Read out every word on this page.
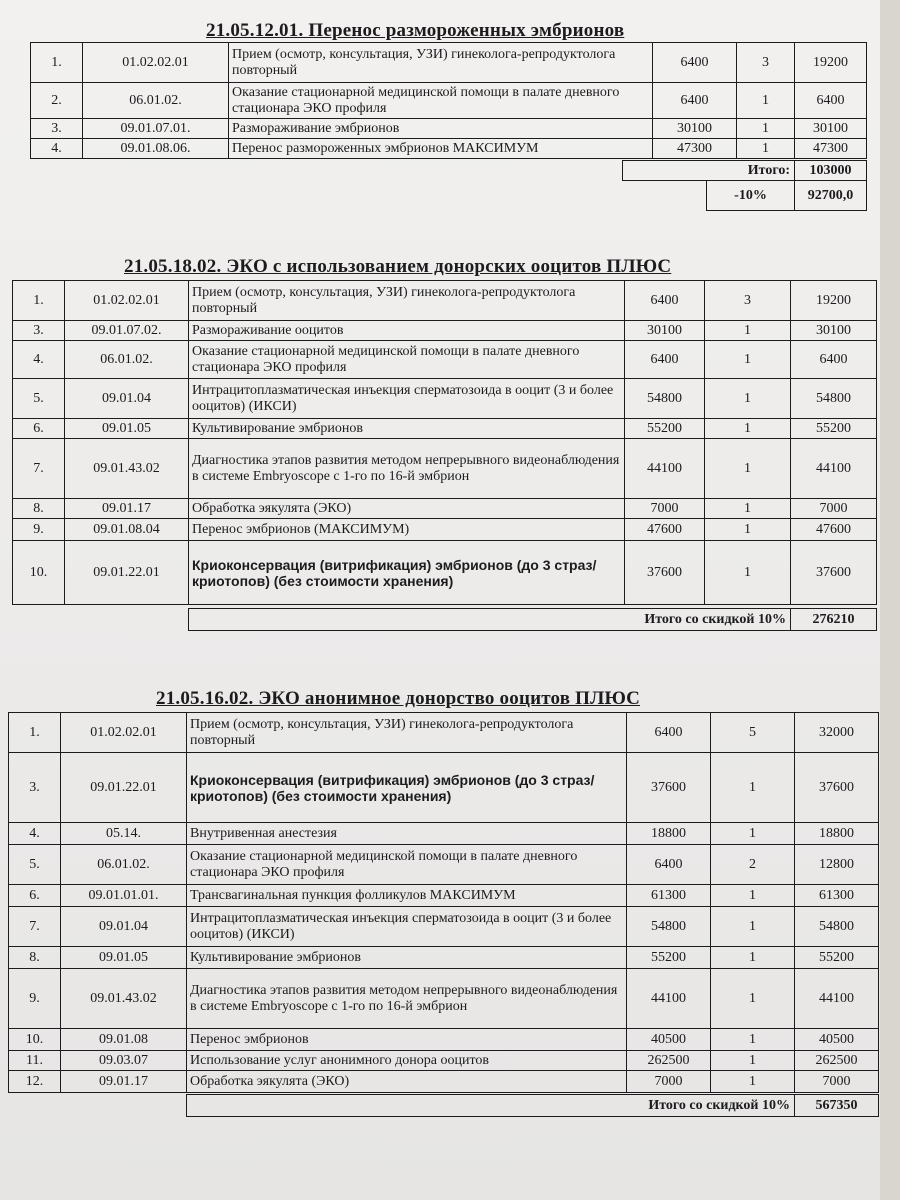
21.05.12.01. Перенос размороженных эмбрионов
1.	01.02.02.01	Прием (осмотр, консультация, УЗИ) гинеколога-репродуктолога повторный	6400	3	19200
2.	06.01.02.	Оказание стационарной медицинской помощи в палате дневного стационара ЭКО профиля	6400	1	6400
3.	09.01.07.01.	Размораживание эмбрионов	30100	1	30100
4.	09.01.08.06.	Перенос размороженных эмбрионов МАКСИМУМ	47300	1	47300
Итого:		103000
	-10%	92700,0
21.05.18.02. ЭКО с использованием донорских ооцитов ПЛЮС
1.	01.02.02.01	Прием (осмотр, консультация, УЗИ) гинеколога-репродуктолога повторный	6400	3	19200
3.	09.01.07.02.	Размораживание ооцитов	30100	1	30100
4.	06.01.02.	Оказание стационарной медицинской помощи в палате дневного стационара ЭКО профиля	6400	1	6400
5.	09.01.04	Интрацитоплазматическая инъекция сперматозоида в ооцит (3 и более ооцитов) (ИКСИ)	54800	1	54800
6.	09.01.05	Культивирование эмбрионов	55200	1	55200
7.	09.01.43.02	Диагностика этапов развития методом непрерывного видеонаблюдения в системе Embryoscope с 1-го по 16-й эмбрион	44100	1	44100
8.	09.01.17	Обработка эякулята (ЭКО)	7000	1	7000
9.	09.01.08.04	Перенос эмбрионов (МАКСИМУМ)	47600	1	47600
10.	09.01.22.01	Криоконсервация (витрификация) эмбрионов (до 3 страз/криотопов) (без стоимости хранения)	37600	1	37600
Итого со скидкой 10%	276210
21.05.16.02. ЭКО анонимное донорство ооцитов ПЛЮС
1.	01.02.02.01	Прием (осмотр, консультация, УЗИ) гинеколога-репродуктолога повторный	6400	5	32000
3.	09.01.22.01	Криоконсервация (витрификация) эмбрионов (до 3 страз/криотопов) (без стоимости хранения)	37600	1	37600
4.	05.14.	Внутривенная анестезия	18800	1	18800
5.	06.01.02.	Оказание стационарной медицинской помощи в палате дневного стационара ЭКО профиля	6400	2	12800
6.	09.01.01.01.	Трансвагинальная пункция фолликулов МАКСИМУМ	61300	1	61300
7.	09.01.04	Интрацитоплазматическая инъекция сперматозоида в ооцит (3 и более ооцитов) (ИКСИ)	54800	1	54800
8.	09.01.05	Культивирование эмбрионов	55200	1	55200
9.	09.01.43.02	Диагностика этапов развития методом непрерывного видеонаблюдения в системе Embryoscope с 1-го по 16-й эмбрион	44100	1	44100
10.	09.01.08	Перенос эмбрионов	40500	1	40500
11.	09.03.07	Использование услуг анонимного донора ооцитов	262500	1	262500
12.	09.01.17	Обработка эякулята (ЭКО)	7000	1	7000
Итого со скидкой 10%	567350
